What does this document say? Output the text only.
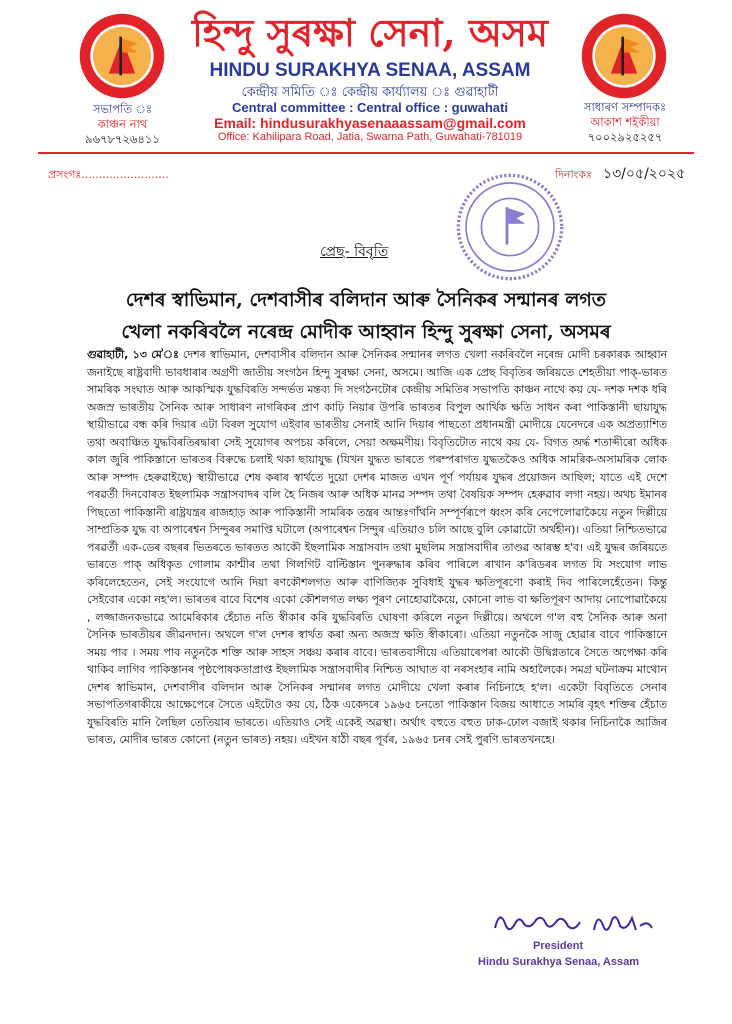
হিন্দু সুৰক্ষা সেনা, অসম
HINDU SURAKHYA SENAA, ASSAM
কেন্দ্ৰীয় সমিতি ঃ কেন্দ্ৰীয় কাৰ্য্যালয় ঃ গুৱাহাটী
Central committee : Central office : guwahati
Email: hindusurakhyasenaaassam@gmail.com
Office: Kahilipara Road, Jatia, Swarna Path, Guwahati-781019
সভাপতি ঃ
কাঞ্চন নাথ
৯৬৭৮৭২৬৪১১
সাধাৰণ সম্পাদকঃ
আকাশ শইকীয়া
৭০০২৯২৫২৫৭
প্ৰসংগঃ.........................	দিনাংকঃ ১৩/০৫/২০২৫
প্ৰেছ- বিবৃতি
দেশৰ স্বাভিমান, দেশবাসীৰ বলিদান আৰু সৈনিকৰ সন্মানৰ লগত
খেলা নকৰিবলৈ নৰেন্দ্ৰ মোদীক আহ্বান হিন্দু সুৰক্ষা সেনা, অসমৰ
গুৱাহাটী, ১৩ মে'ঃ দেশৰ স্বাভিমান, দেশবাসীৰ বলিদান আৰু সৈনিকৰ সন্মানৰ লগত খেলা নকৰিবলৈ নৰেন্দ্ৰ মোদী চৰকাৰক আহ্বান জনাইছে ৰাষ্ট্ৰবাদী ভাবধাৰাৰ অগ্ৰণী জাতীয় সংগঠন হিন্দু সুৰক্ষা সেনা, অসমে। আজি এক প্ৰেছ বিবৃতিৰ জৰিয়তে শেহতীয়া পাক্-ভাৰত সামৰিক সংঘাত আৰু আকস্মিক যুদ্ধবিৰতি সন্দৰ্ভত মন্তব্য দি সংগঠনটোৰ কেন্দ্ৰীয় সমিতিৰ সভাপতি কাঞ্চন নাথে কয় যে- দশক দশক ধৰি অজস্ৰ ভাৰতীয় সৈনিক আৰু সাধাৰণ নাগৰিকৰ প্ৰাণ কাঢ়ি নিয়াৰ উপৰি ভাৰতৰ বিপুল আৰ্থিক ক্ষতি সাধন কৰা পাকিস্তানী ছায়াযুদ্ধ স্থায়ীভাৱে বন্ধ কৰি দিয়াৰ এটা বিৰল সুযোগ এইবাৰ ভাৰতীয় সেনাই আনি দিয়াৰ পাছতো প্ৰধানমন্ত্ৰী মোদীয়ে যেনেদৰে এক অপ্ৰত্যাশিত তথা অবাঞ্চিত যুদ্ধবিৰতিৰদ্বাৰা সেই সুযোগৰ অপচয় কৰিলে, সেয়া অক্ষমণীয়। বিবৃতিটোত নাথে কয় যে- বিগত অৰ্দ্ধ শতাব্দীৰো অধিক কাল জুৰি পাকিস্তানে ভাৰতৰ বিৰুদ্ধে চলাই থকা ছায়াযুদ্ধ (যিখন যুদ্ধত ভাৰতে পৰম্পৰাগত যুদ্ধতকৈও অধিক সামৰিক-অসামৰিক লোক আৰু সম্পদ হেৰুৱাইছে) স্থায়ীভাৱে শেষ কৰাৰ স্বাৰ্থতে দুয়ো দেশৰ মাজত এখন পূৰ্ণ পৰ্যায়ৰ যুদ্ধৰ প্ৰয়োজন আছিল; যাতে এই দেশে পৰৱৰ্তী দিনবোৰত ইছলামিক সন্ত্ৰাসবাদৰ বলি হৈ নিজৰ আৰু অধিক মানৱ সম্পদ তথা বৈষয়িক সম্পদ হেৰুৱাব লগা নহয়। অথচ ইমানৰ পিছতো পাকিস্তানী ৰাষ্ট্ৰযন্ত্ৰৰ ৰাজহাড় আৰু পাকিস্তানী সামৰিক তন্ত্ৰৰ আন্তঃগাঁথনি সম্পূৰ্ণৰূপে ধ্বংস কৰি নেপেলোৱাকৈয়ে নতুন দিল্লীয়ে সাম্প্ৰতিক যুদ্ধ বা অপাৰেশ্বন সিন্দুৰৰ সমাপ্তি ঘটালে (অপাৰেশ্বন সিন্দুৰ এতিয়াও চলি আছে বুলি কোৱাটো অৰ্থহীন)। এতিয়া নিশ্চিতভাৱে পৰৱৰ্তী এক-ডেৰ বছৰৰ ভিতৰতে ভাৰতত আকৌ ইছলামিক সন্ত্ৰাসবাদ তথা মুছলিম সন্ত্ৰাসবাদীৰ তাণ্ডৱ আৰম্ভ হ'ব। এই যুদ্ধৰ জৰিয়তে ভাৰতে পাক্ অধিকৃত গোলাম কাশ্মীৰ তথা গিলগিট বাল্টিস্তান পুনৰুদ্ধাৰ কৰিব পাৰিলে ৰাখান ক'ৰিডৰৰ লগত যি সংযোগ লাভ কৰিলেহেতেন, সেই সংযোগে আনি দিয়া ৰণকৌশলগত আৰু বাণিজ্যিক সুবিধাই যুদ্ধৰ ক্ষতিপূৰণো কৰাই দিব পাৰিলেহেঁতেন। কিন্তু সেইবোৰ একো নহ'ল। ভাৰতৰ বাবে বিশেষ একো কৌশলগত লক্ষ্য পূৰণ নোহোৱাকৈয়ে, কোনো লাভ বা ক্ষতিপূৰণ আদায় নোপোৱাকৈয়ে , লজ্জাজনকভাৱে আমেৰিকাৰ হেঁচাত নতি স্বীকাৰ কৰি যুদ্ধবিৰতি ঘোষণা কৰিলে নতুন দিল্লীয়ে। অথলে গ'ল বহু সৈনিক আৰু অনা সৈনিক ভাৰতীয়ৰ জীৱনদান। অথলে গ'ল দেশৰ স্বাৰ্থত কৰা অন্য অজস্ৰ ক্ষতি স্বীকাৰো। এতিয়া নতুনকৈ সাজু হোৱাৰ বাবে পাকিস্তানে সময় পাব । সময় পাব নতুনকৈ শক্তি আৰু সাহস সঞ্চয় কৰাৰ বাবে। ভাৰতবাসীয়ে এতিয়াৰেপৰা আকৌ উদ্বিগ্নতাৰে সৈতে অপেক্ষা কৰি থাকিব লাগিব পাকিস্তানৰ পৃষ্ঠপোষকতাপ্ৰাপ্ত ইছলামিক সন্ত্ৰাসবাদীৰ নিশ্চিত আঘাত বা নৰসংহাৰ নামি অহালৈকে। সমগ্ৰ ঘটনাক্ৰম মাথোন দেশৰ স্বাভিমান, দেশবাসীৰ বলিদান আৰু সৈনিকৰ সন্মানৰ লগত মোদীয়ে খেলা কৰাৰ নিচিনাহে হ'ল। একেটা বিবৃতিতে সেনাৰ সভাপতিগৰাকীয়ে আক্ষেপেৰে সৈতে এইটোও কয় যে, ঠিক একেদৰে ১৯৬৫ চনতো পাকিস্তান বিজয় আধাতে সামৰি বৃহৎ শক্তিৰ হেঁচাত যুদ্ধবিৰতি মানি লৈছিল তেতিয়াৰ ভাৰতে। এতিয়াও সেই একেই অৱস্থা। অৰ্থাৎ বহুতে বহুত ঢাক-ঢোল বজাই থকাৰ নিচিনাকৈ আজিৰ ভাৰত, মোদীৰ ভাৰত কোনো (নতুন ভাৰত) নহয়। এইখন ষাঠী বছৰ পূৰ্বৰ, ১৯৬৫ চনৰ সেই পুৰণি ভাৰতখনহে।
President
Hindu Surakhya Senaa, Assam
